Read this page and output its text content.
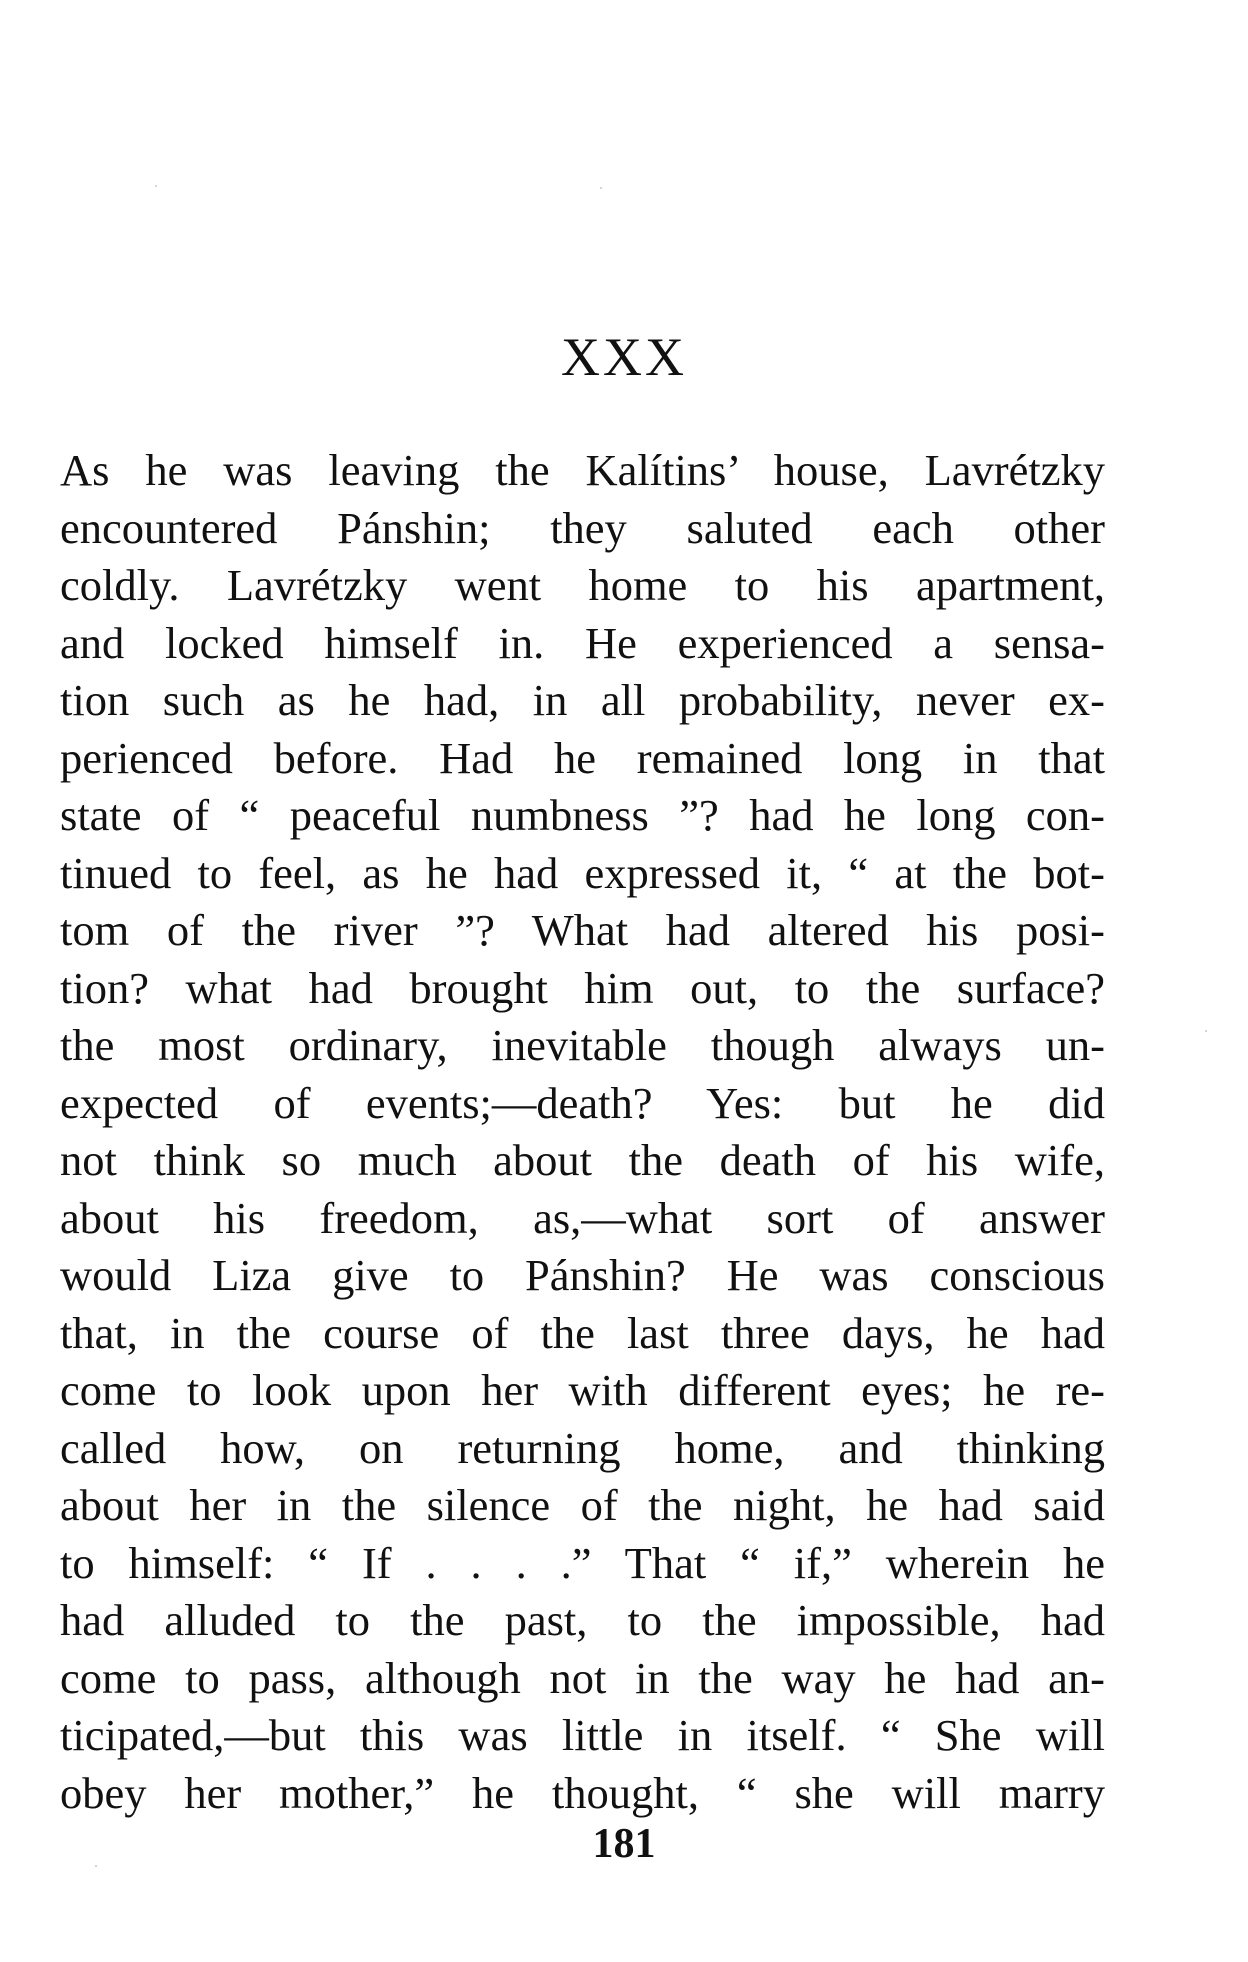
XXX
As he was leaving the Kalítins’ house, Lavrétzky
encountered Pánshin; they saluted each other
coldly. Lavrétzky went home to his apartment,
and locked himself in. He experienced a sensa-
tion such as he had, in all probability, never ex-
perienced before. Had he remained long in that
state of “ peaceful numbness ”? had he long con-
tinued to feel, as he had expressed it, “ at the bot-
tom of the river ”? What had altered his posi-
tion? what had brought him out, to the surface?
the most ordinary, inevitable though always un-
expected of events;—death? Yes: but he did
not think so much about the death of his wife,
about his freedom, as,—what sort of answer
would Liza give to Pánshin? He was conscious
that, in the course of the last three days, he had
come to look upon her with different eyes; he re-
called how, on returning home, and thinking
about her in the silence of the night, he had said
to himself: “ If . . . .” That “ if,” wherein he
had alluded to the past, to the impossible, had
come to pass, although not in the way he had an-
ticipated,—but this was little in itself. “ She will
obey her mother,” he thought, “ she will marry
181
